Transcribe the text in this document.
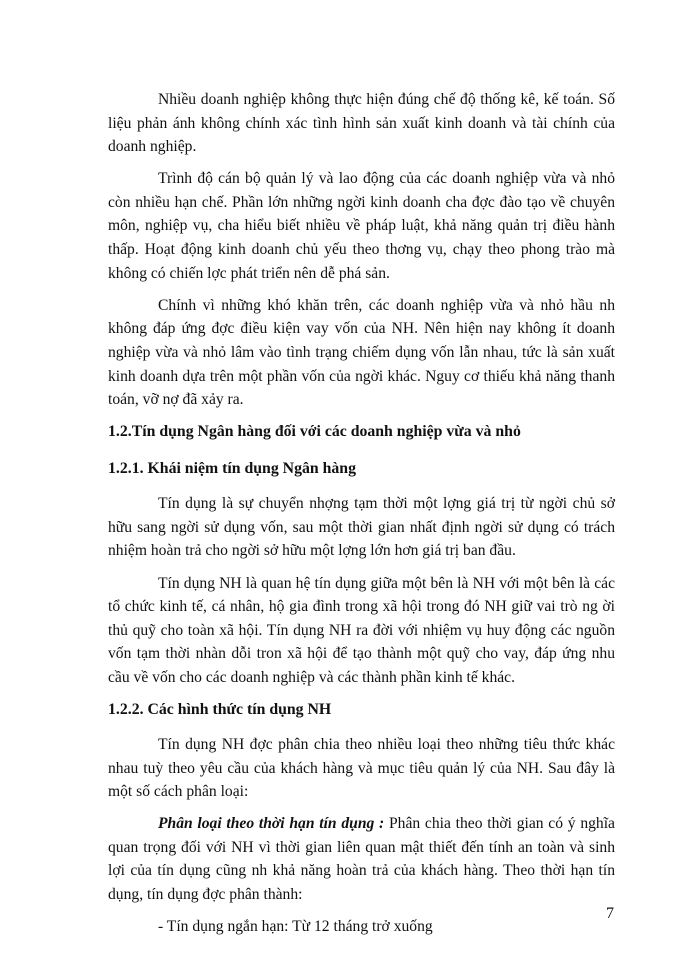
Nhiều doanh nghiệp không thực hiện đúng chế độ thống kê, kế toán. Số liệu phản ánh không chính xác tình hình sản xuất kinh doanh và tài chính của doanh nghiệp.

Trình độ cán bộ quản lý và lao động của các doanh nghiệp vừa và nhỏ còn nhiều hạn chế. Phần lớn những ngời kinh doanh cha đợc đào tạo về chuyên môn, nghiệp vụ, cha hiểu biết nhiều về pháp luật, khả năng quản trị điều hành thấp. Hoạt động kinh doanh chủ yếu theo thơng vụ, chạy theo phong trào mà không có chiến lợc phát triển nên dễ phá sản.

Chính vì những khó khăn trên, các doanh nghiệp vừa và nhỏ hầu nh không đáp ứng đợc điều kiện vay vốn của NH. Nên hiện nay không ít doanh nghiệp vừa và nhỏ lâm vào tình trạng chiếm dụng vốn lẫn nhau, tức là sản xuất kinh doanh dựa trên một phần vốn của ngời khác. Nguy cơ thiếu khả năng thanh toán, vỡ nợ đã xảy ra.

1.2.Tín dụng Ngân hàng đối với các doanh nghiệp vừa và nhỏ
1.2.1. Khái niệm tín dụng Ngân hàng

Tín dụng là sự chuyển nhợng tạm thời một lợng giá trị từ ngời chủ sở hữu sang ngời sử dụng vốn, sau một thời gian nhất định ngời sử dụng có trách nhiệm hoàn trả cho ngời sở hữu một lợng lớn hơn giá trị ban đầu.

Tín dụng NH là quan hệ tín dụng giữa một bên là NH với một bên là các tổ chức kinh tế, cá nhân, hộ gia đình trong xã hội trong đó NH giữ vai trò ng ời thủ quỹ cho toàn xã hội. Tín dụng NH ra đời với nhiệm vụ huy động các nguồn vốn tạm thời nhàn dỗi tron xã hội để tạo thành một quỹ cho vay, đáp ứng nhu cầu về vốn cho các doanh nghiệp và các thành phần kinh tế khác.

1.2.2. Các hình thức tín dụng NH

Tín dụng NH đợc phân chia theo nhiều loại theo những tiêu thức khác nhau tuỳ theo yêu cầu của khách hàng và mục tiêu quản lý của NH. Sau đây là một số cách phân loại:

Phân loại theo thời hạn tín dụng : Phân chia theo thời gian có ý nghĩa quan trọng đối với NH vì thời gian liên quan mật thiết đến tính an toàn và sinh lợi của tín dụng cũng nh khả năng hoàn trả của khách hàng. Theo thời hạn tín dụng, tín dụng đợc phân thành:

- Tín dụng ngắn hạn: Từ 12 tháng trở xuống

7
